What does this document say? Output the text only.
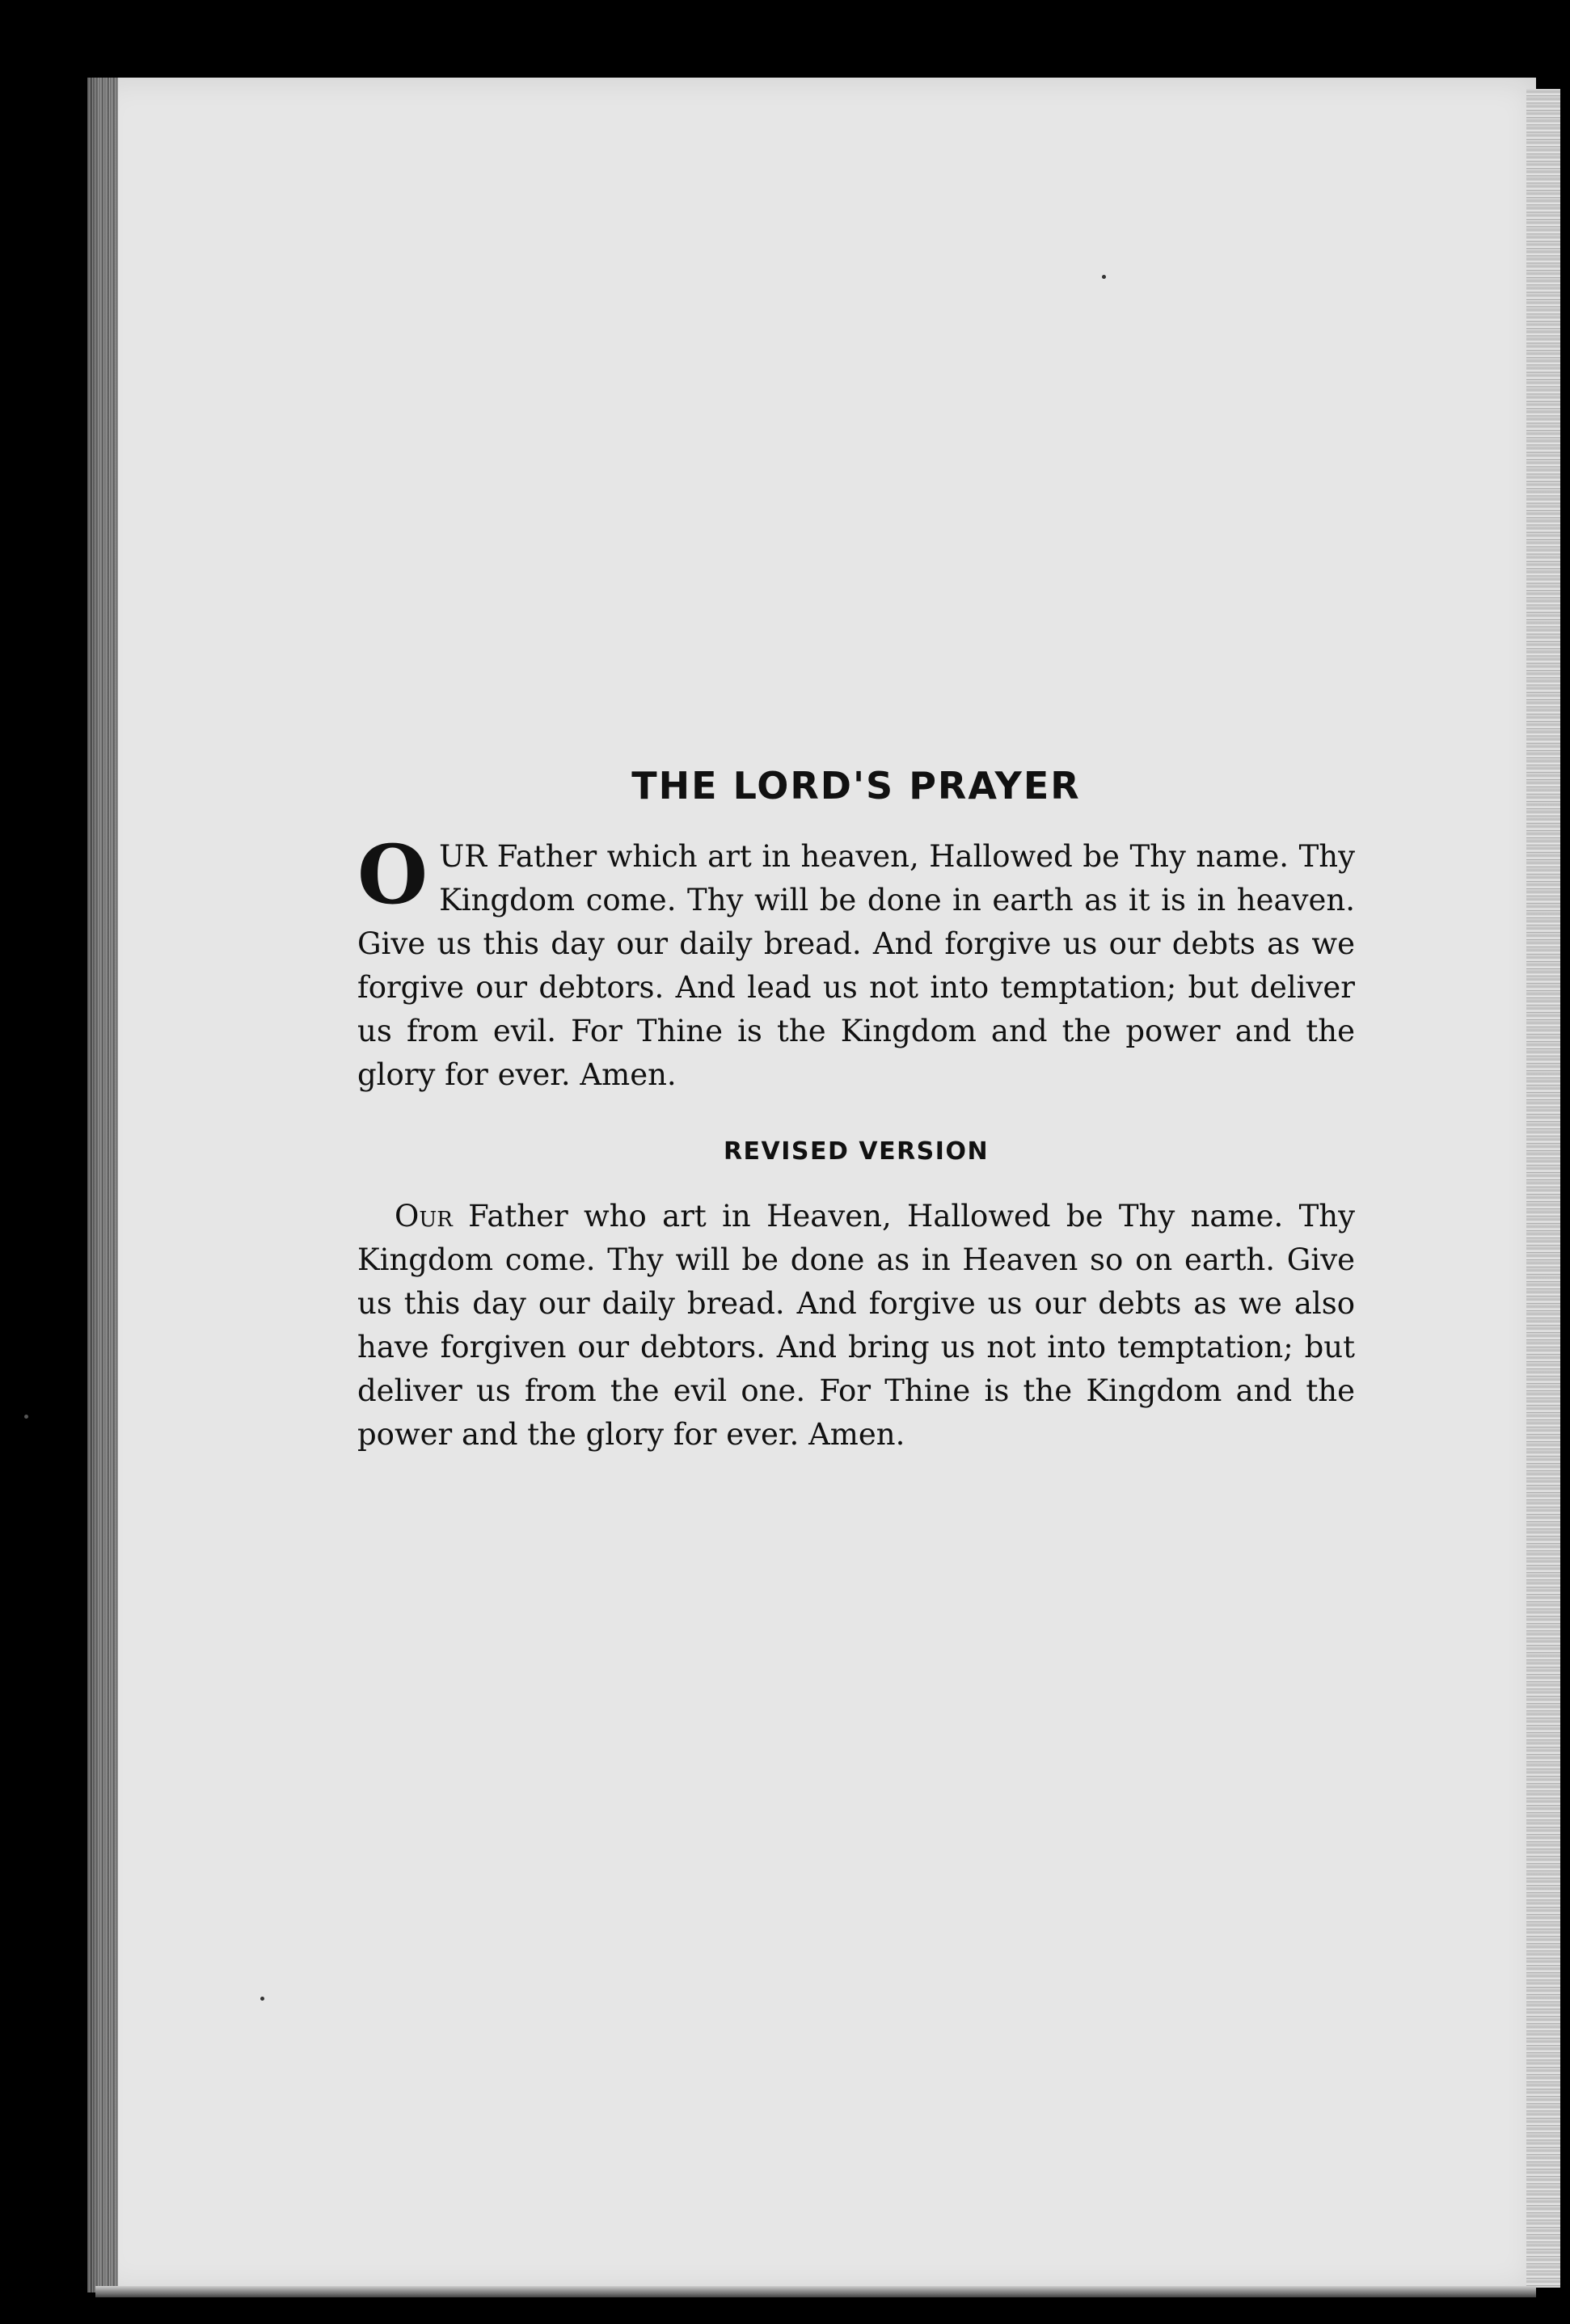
THE LORD'S PRAYER

OUR Father which art in heaven, Hallowed be Thy name. Thy Kingdom come. Thy will be done in earth as it is in heaven. Give us this day our daily bread. And forgive us our debts as we forgive our debtors. And lead us not into temptation; but deliver us from evil. For Thine is the Kingdom and the power and the glory for ever. Amen.

REVISED VERSION

Our Father who art in Heaven, Hallowed be Thy name. Thy Kingdom come. Thy will be done as in Heaven so on earth. Give us this day our daily bread. And forgive us our debts as we also have forgiven our debtors. And bring us not into temptation; but deliver us from the evil one. For Thine is the Kingdom and the power and the glory for ever. Amen.
